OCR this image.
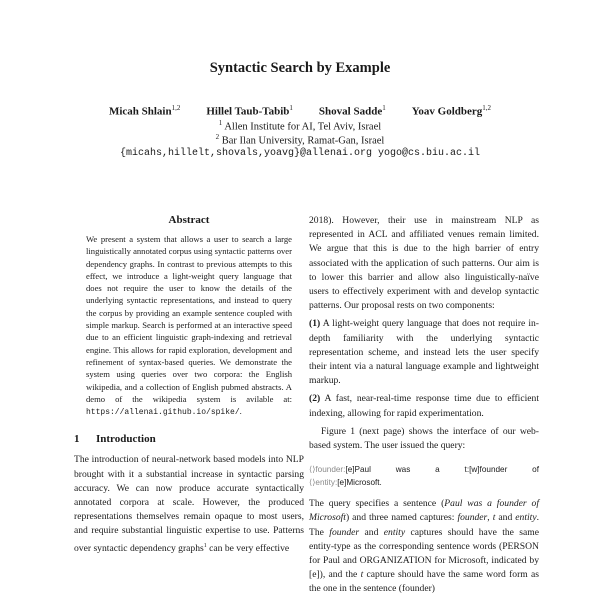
Syntactic Search by Example
Micah Shlain$^{1,2}$ Hillel Taub-Tabib$^1$ Shoval Sadde$^1$ Yoav Goldberg$^{1,2}$
$^1$ Allen Institute for AI, Tel Aviv, Israel
$^2$ Bar Ilan University, Ramat-Gan, Israel
{micahs,hillelt,shovals,yoavg}@allenai.org yogo@cs.biu.ac.il
Abstract

We present a system that allows a user to search a large linguistically annotated corpus using syntactic patterns over dependency graphs. In contrast to previous attempts to this effect, we introduce a light-weight query language that does not require the user to know the details of the underlying syntactic representations, and instead to query the corpus by providing an example sentence coupled with simple markup. Search is performed at an interactive speed due to an efficient linguistic graph-indexing and retrieval engine. This allows for rapid exploration, development and refinement of syntax-based queries. We demonstrate the system using queries over two corpora: the English wikipedia, and a collection of English pubmed abstracts. A demo of the wikipedia system is avilable at: https://allenai.github.io/spike/.

1 Introduction

The introduction of neural-network based models into NLP brought with it a substantial increase in syntactic parsing accuracy. We can now produce accurate syntactically annotated corpora at scale. However, the produced representations themselves remain opaque to most users, and require substantial linguistic expertise to use. Patterns over syntactic dependency graphs$^1$ can be very effective

2018). However, their use in mainstream NLP as represented in ACL and affiliated venues remain limited. We argue that this is due to the high barrier of entry associated with the application of such patterns. Our aim is to lower this barrier and allow also linguistically-naïve users to effectively experiment with and develop syntactic patterns. Our proposal rests on two components:

(1) A light-weight query language that does not require in-depth familiarity with the underlying syntactic representation scheme, and instead lets the user specify their intent via a natural language example and lightweight markup.

(2) A fast, near-real-time response time due to efficient indexing, allowing for rapid experimentation.

Figure 1 (next page) shows the interface of our web-based system. The user issued the query:

⟨⟩founder:[e]Paul	was	a	t:[w]founder	of
⟨⟩entity:[e]Microsoft.

The query specifies a sentence (Paul was a founder of Microsoft) and three named captures: founder, t and entity. The founder and entity captures should have the same entity-type as the corresponding sentence words (PERSON for Paul and ORGANIZATION for Microsoft, indicated by [e]), and the t capture should have the same word form as the one in the sentence (founder)
